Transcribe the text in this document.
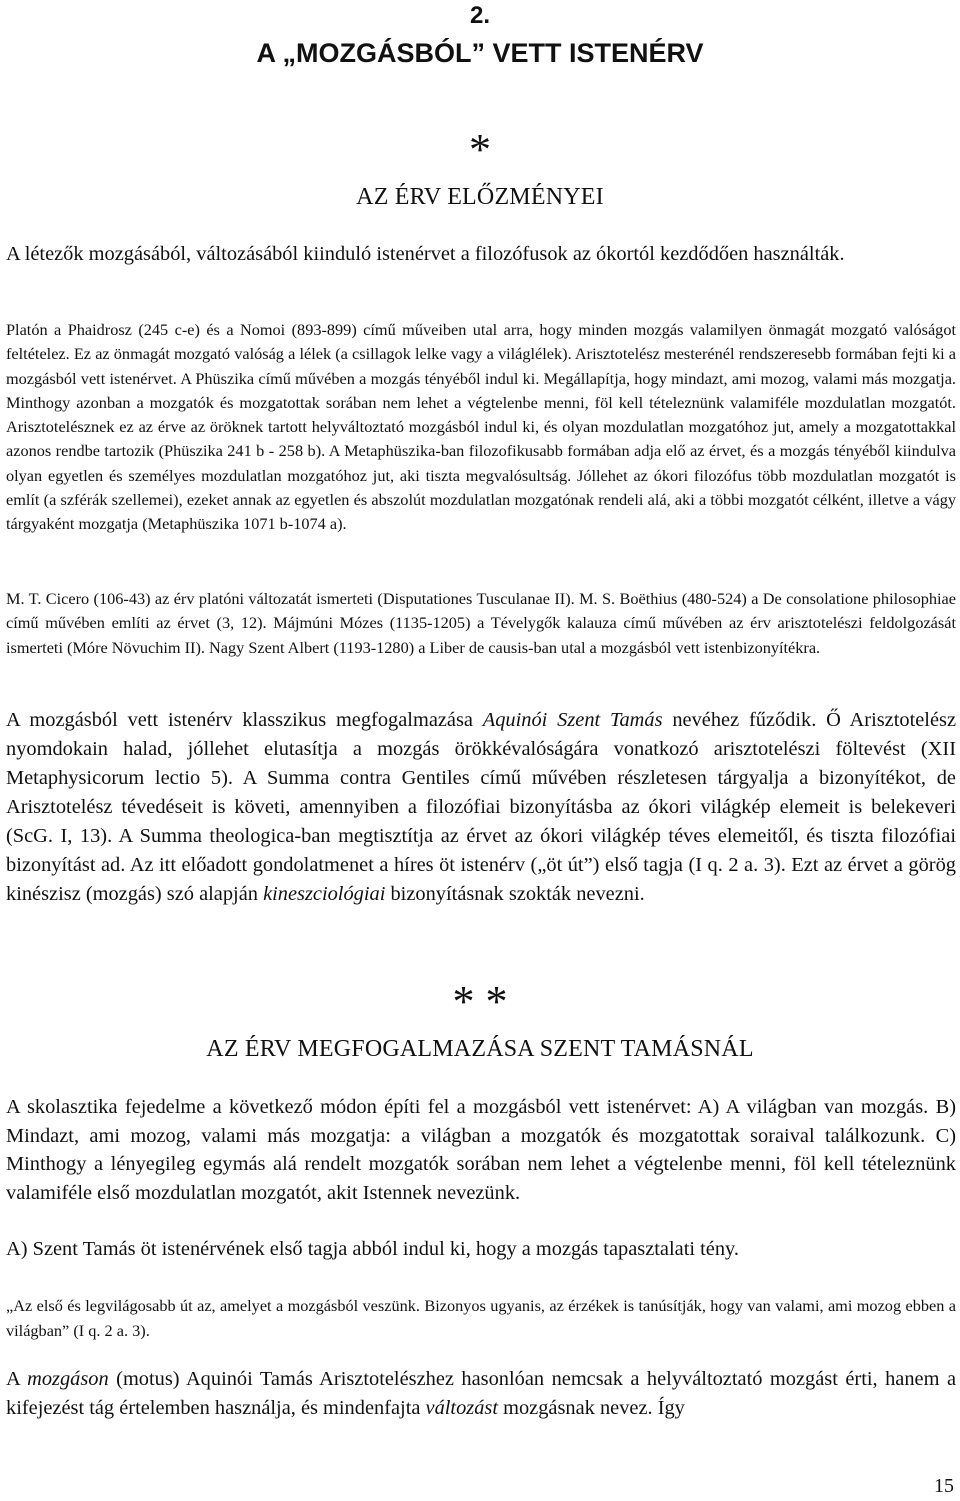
2.
A „MOZGÁSBÓL” VETT ISTENÉRV
*
AZ ÉRV ELŐZMÉNYEI

A létezők mozgásából, változásából kiinduló istenérvet a filozófusok az ókortól kezdődően használták.

Platón a Phaidrosz (245 c-e) és a Nomoi (893-899) című műveiben utal arra, hogy minden mozgás valamilyen önmagát mozgató valóságot feltételez. Ez az önmagát mozgató valóság a lélek (a csillagok lelke vagy a világlélek). Arisztotelész mesterénél rendszeresebb formában fejti ki a mozgásból vett istenérvet. A Phüszika című művében a mozgás tényéből indul ki. Megállapítja, hogy mindazt, ami mozog, valami más mozgatja. Minthogy azonban a mozgatók és mozgatottak sorában nem lehet a végtelenbe menni, föl kell tételeznünk valamiféle mozdulatlan mozgatót. Arisztotelésznek ez az érve az öröknek tartott helyváltoztató mozgásból indul ki, és olyan mozdulatlan mozgatóhoz jut, amely a mozgatottakkal azonos rendbe tartozik (Phüszika 241 b - 258 b). A Metaphüszika-ban filozofikusabb formában adja elő az érvet, és a mozgás tényéből kiindulva olyan egyetlen és személyes mozdulatlan mozgatóhoz jut, aki tiszta megvalósultság. Jóllehet az ókori filozófus több mozdulatlan mozgatót is említ (a szférák szellemei), ezeket annak az egyetlen és abszolút mozdulatlan mozgatónak rendeli alá, aki a többi mozgatót célként, illetve a vágy tárgyaként mozgatja (Metaphüszika 1071 b-1074 a).

M. T. Cicero (106-43) az érv platóni változatát ismerteti (Disputationes Tusculanae II). M. S. Boëthius (480-524) a De consolatione philosophiae című művében említi az érvet (3, 12). Májmúni Mózes (1135-1205) a Tévelygők kalauza című művében az érv arisztotelészi feldolgozását ismerteti (Móre Növuchim II). Nagy Szent Albert (1193-1280) a Liber de causis-ban utal a mozgásból vett istenbizonyítékra.

A mozgásból vett istenérv klasszikus megfogalmazása Aquinói Szent Tamás nevéhez fűződik. Ő Arisztotelész nyomdokain halad, jóllehet elutasítja a mozgás örökkévalóságára vonatkozó arisztotelészi föltevést (XII Metaphysicorum lectio 5). A Summa contra Gentiles című művében részletesen tárgyalja a bizonyítékot, de Arisztotelész tévedéseit is követi, amennyiben a filozófiai bizonyításba az ókori világkép elemeit is belekeveri (ScG. I, 13). A Summa theologica-ban megtisztítja az érvet az ókori világkép téves elemeitől, és tiszta filozófiai bizonyítást ad. Az itt előadott gondolatmenet a híres öt istenérv („öt út”) első tagja (I q. 2 a. 3). Ezt az érvet a görög kinészisz (mozgás) szó alapján kineszciológiai bizonyításnak szokták nevezni.

* *
AZ ÉRV MEGFOGALMAZÁSA SZENT TAMÁSNÁL

A skolasztika fejedelme a következő módon építi fel a mozgásból vett istenérvet: A) A világban van mozgás. B) Mindazt, ami mozog, valami más mozgatja: a világban a mozgatók és mozgatottak soraival találkozunk. C) Minthogy a lényegileg egymás alá rendelt mozgatók sorában nem lehet a végtelenbe menni, föl kell tételeznünk valamiféle első mozdulatlan mozgatót, akit Istennek nevezünk.

A) Szent Tamás öt istenérvének első tagja abból indul ki, hogy a mozgás tapasztalati tény.

„Az első és legvilágosabb út az, amelyet a mozgásból veszünk. Bizonyos ugyanis, az érzékek is tanúsítják, hogy van valami, ami mozog ebben a világban” (I q. 2 a. 3).

A mozgáson (motus) Aquinói Tamás Arisztotelészhez hasonlóan nemcsak a helyváltoztató mozgást érti, hanem a kifejezést tág értelemben használja, és mindenfajta változást mozgásnak nevez. Így

15
